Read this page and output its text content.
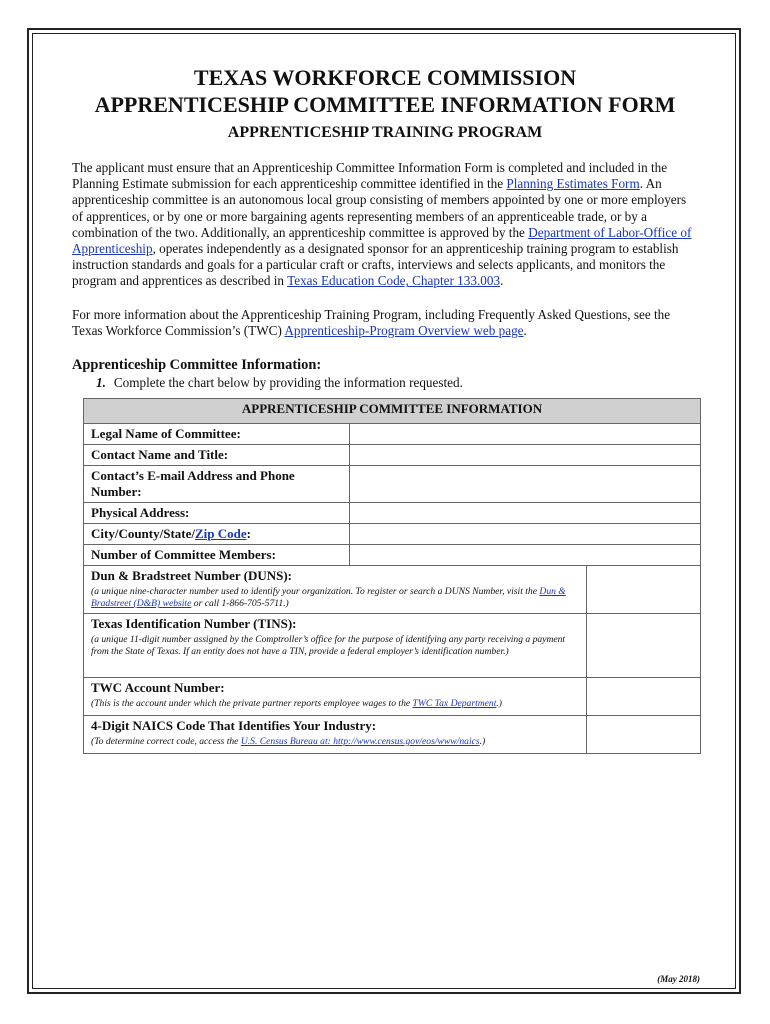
TEXAS WORKFORCE COMMISSION
APPRENTICESHIP COMMITTEE INFORMATION FORM

APPRENTICESHIP TRAINING PROGRAM

The applicant must ensure that an Apprenticeship Committee Information Form is completed and included in the Planning Estimate submission for each apprenticeship committee identified in the Planning Estimates Form. An apprenticeship committee is an autonomous local group consisting of members appointed by one or more employers of apprentices, or by one or more bargaining agents representing members of an apprenticeable trade, or by a combination of the two. Additionally, an apprenticeship committee is approved by the Department of Labor-Office of Apprenticeship, operates independently as a designated sponsor for an apprenticeship training program to establish instruction standards and goals for a particular craft or crafts, interviews and selects applicants, and monitors the program and apprentices as described in Texas Education Code, Chapter 133.003.

For more information about the Apprenticeship Training Program, including Frequently Asked Questions, see the Texas Workforce Commission’s (TWC) Apprenticeship-Program Overview web page.

Apprenticeship Committee Information:

1. Complete the chart below by providing the information requested.

APPRENTICESHIP COMMITTEE INFORMATION		
Legal Name of Committee:		
Contact Name and Title:		
Contact’s E-mail Address and Phone Number:		
Physical Address:		
City/County/State/Zip Code:		
Number of Committee Members:		

Dun & Bradstreet Number (DUNS):
(a unique nine-character number used to identify your organization. To register or search a DUNS Number, visit the Dun & Bradstreet (D&B) website or call 1-866-705-5711.)		

Texas Identification Number (TINS):
(a unique 11-digit number assigned by the Comptroller’s office for the purpose of identifying any party receiving a payment from the State of Texas. If an entity does not have a TIN, provide a federal employer’s identification number.)		

TWC Account Number:
(This is the account under which the private partner reports employee wages to the TWC Tax Department.)		

4-Digit NAICS Code That Identifies Your Industry:
(To determine correct code, access the U.S. Census Bureau at: http://www.census.gov/eos/www/naics.)		

(May 2018)
